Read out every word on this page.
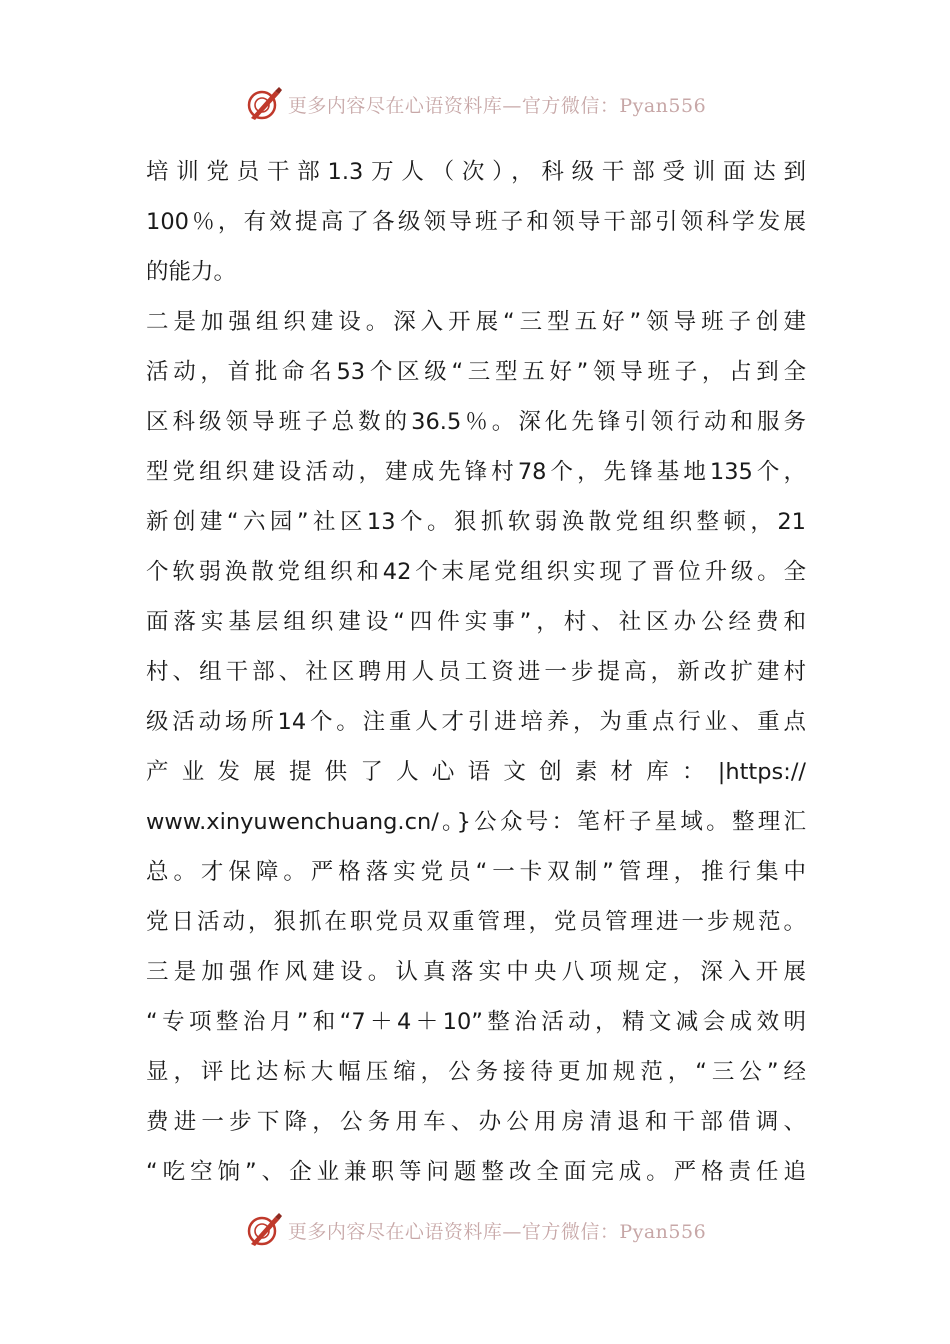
更多内容尽在心语资料库—官方微信：Pyan556
培训党员干部1.3万人（次），科级干部受训面达到
100％，有效提高了各级领导班子和领导干部引领科学发展
的能力。
二是加强组织建设。深入开展“三型五好”领导班子创建
活动，首批命名53个区级“三型五好”领导班子，占到全
区科级领导班子总数的36.5％。深化先锋引领行动和服务
型党组织建设活动，建成先锋村78个，先锋基地135个，
新创建“六园”社区13个。狠抓软弱涣散党组织整顿，21
个软弱涣散党组织和42个末尾党组织实现了晋位升级。全
面落实基层组织建设“四件实事”，村、社区办公经费和
村、组干部、社区聘用人员工资进一步提高，新改扩建村
级活动场所14个。注重人才引进培养，为重点行业、重点
产业发展提供了人心语文创素材库：|https://
www.xinyuwenchuang.cn/。}公众号：笔杆子星域。整理汇
总。才保障。严格落实党员“一卡双制”管理，推行集中
党日活动，狠抓在职党员双重管理，党员管理进一步规范。
三是加强作风建设。认真落实中央八项规定，深入开展
“专项整治月”和“7＋4＋10”整治活动，精文减会成效明
显，评比达标大幅压缩，公务接待更加规范，“三公”经
费进一步下降，公务用车、办公用房清退和干部借调、
“吃空饷”、企业兼职等问题整改全面完成。严格责任追
更多内容尽在心语资料库—官方微信：Pyan556
